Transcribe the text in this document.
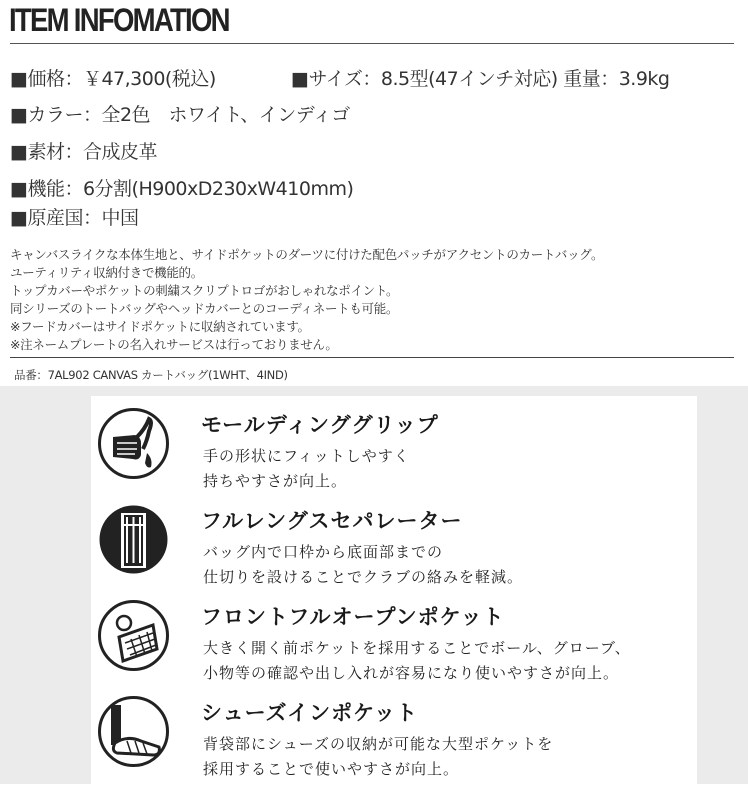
ITEM INFOMATION
■価格：￥47,300(税込)	■サイズ：8.5型(47インチ対応) 重量：3.9kg
■カラー：全2色　ホワイト、インディゴ
■素材：合成皮革
■機能：6分割(H900xD230xW410mm)
■原産国：中国
キャンバスライクな本体生地と、サイドポケットのダーツに付けた配色パッチがアクセントのカートバッグ。
ユーティリティ収納付きで機能的。
トップカバーやポケットの刺繍スクリプトロゴがおしゃれなポイント。
同シリーズのトートバッグやヘッドカバーとのコーディネートも可能。
※フードカバーはサイドポケットに収納されています。
※注ネームプレートの名入れサービスは行っておりません。
品番：7AL902 CANVAS カートバッグ(1WHT、4IND)
モールディンググリップ
手の形状にフィットしやすく
持ちやすさが向上。
フルレングスセパレーター
バッグ内で口枠から底面部までの
仕切りを設けることでクラブの絡みを軽減。
フロントフルオープンポケット
大きく開く前ポケットを採用することでボール、グローブ、
小物等の確認や出し入れが容易になり使いやすさが向上。
シューズインポケット
背袋部にシューズの収納が可能な大型ポケットを
採用することで使いやすさが向上。
